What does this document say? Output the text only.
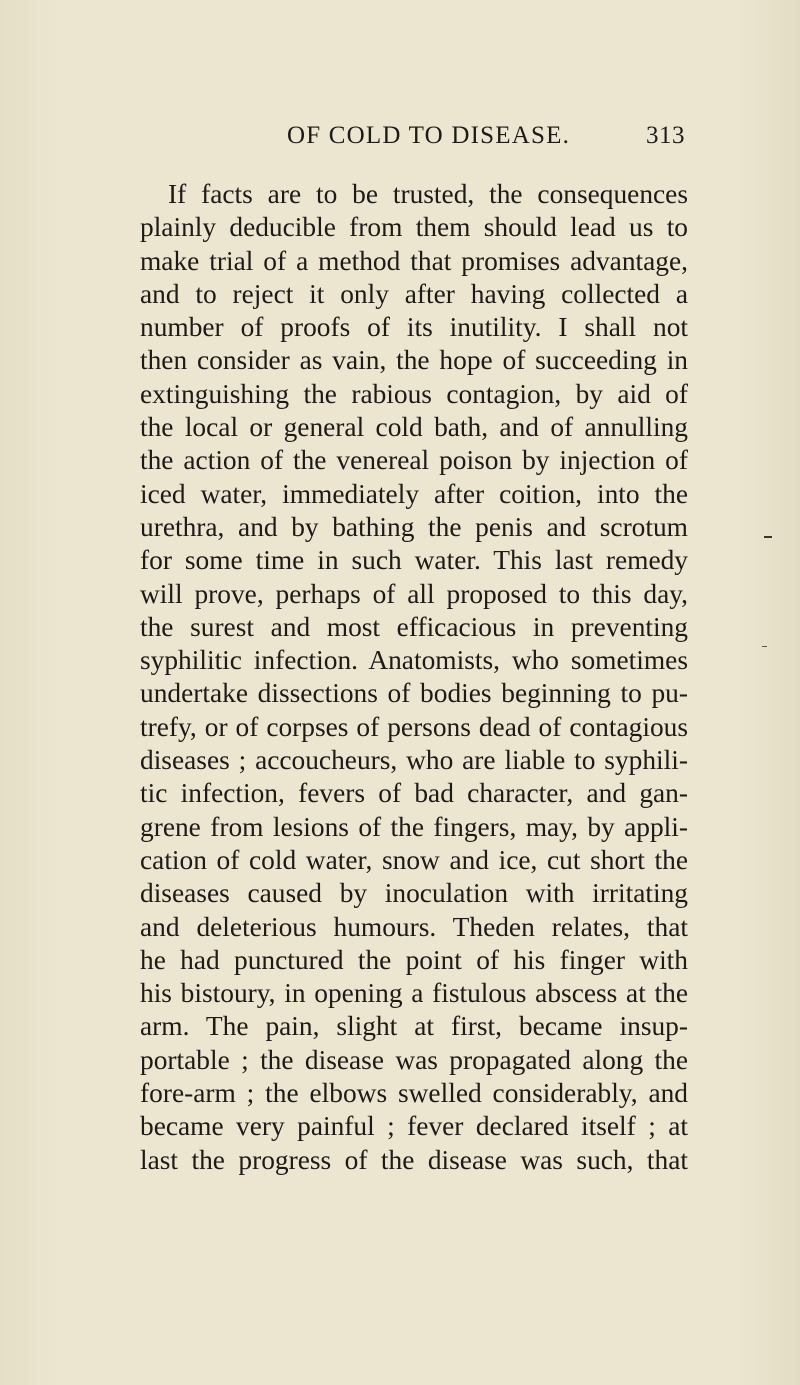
OF COLD TO DISEASE.	313
If facts are to be trusted, the consequences
plainly deducible from them should lead us to
make trial of a method that promises advantage,
and to reject it only after having collected a
number of proofs of its inutility. I shall not
then consider as vain, the hope of succeeding in
extinguishing the rabious contagion, by aid of
the local or general cold bath, and of annulling
the action of the venereal poison by injection of
iced water, immediately after coition, into the
urethra, and by bathing the penis and scrotum
for some time in such water. This last remedy
will prove, perhaps of all proposed to this day,
the surest and most efficacious in preventing
syphilitic infection. Anatomists, who sometimes
undertake dissections of bodies beginning to pu-
trefy, or of corpses of persons dead of contagious
diseases ; accoucheurs, who are liable to syphili-
tic infection, fevers of bad character, and gan-
grene from lesions of the fingers, may, by appli-
cation of cold water, snow and ice, cut short the
diseases caused by inoculation with irritating
and deleterious humours. Theden relates, that
he had punctured the point of his finger with
his bistoury, in opening a fistulous abscess at the
arm. The pain, slight at first, became insup-
portable ; the disease was propagated along the
fore-arm ; the elbows swelled considerably, and
became very painful ; fever declared itself ; at
last the progress of the disease was such, that
